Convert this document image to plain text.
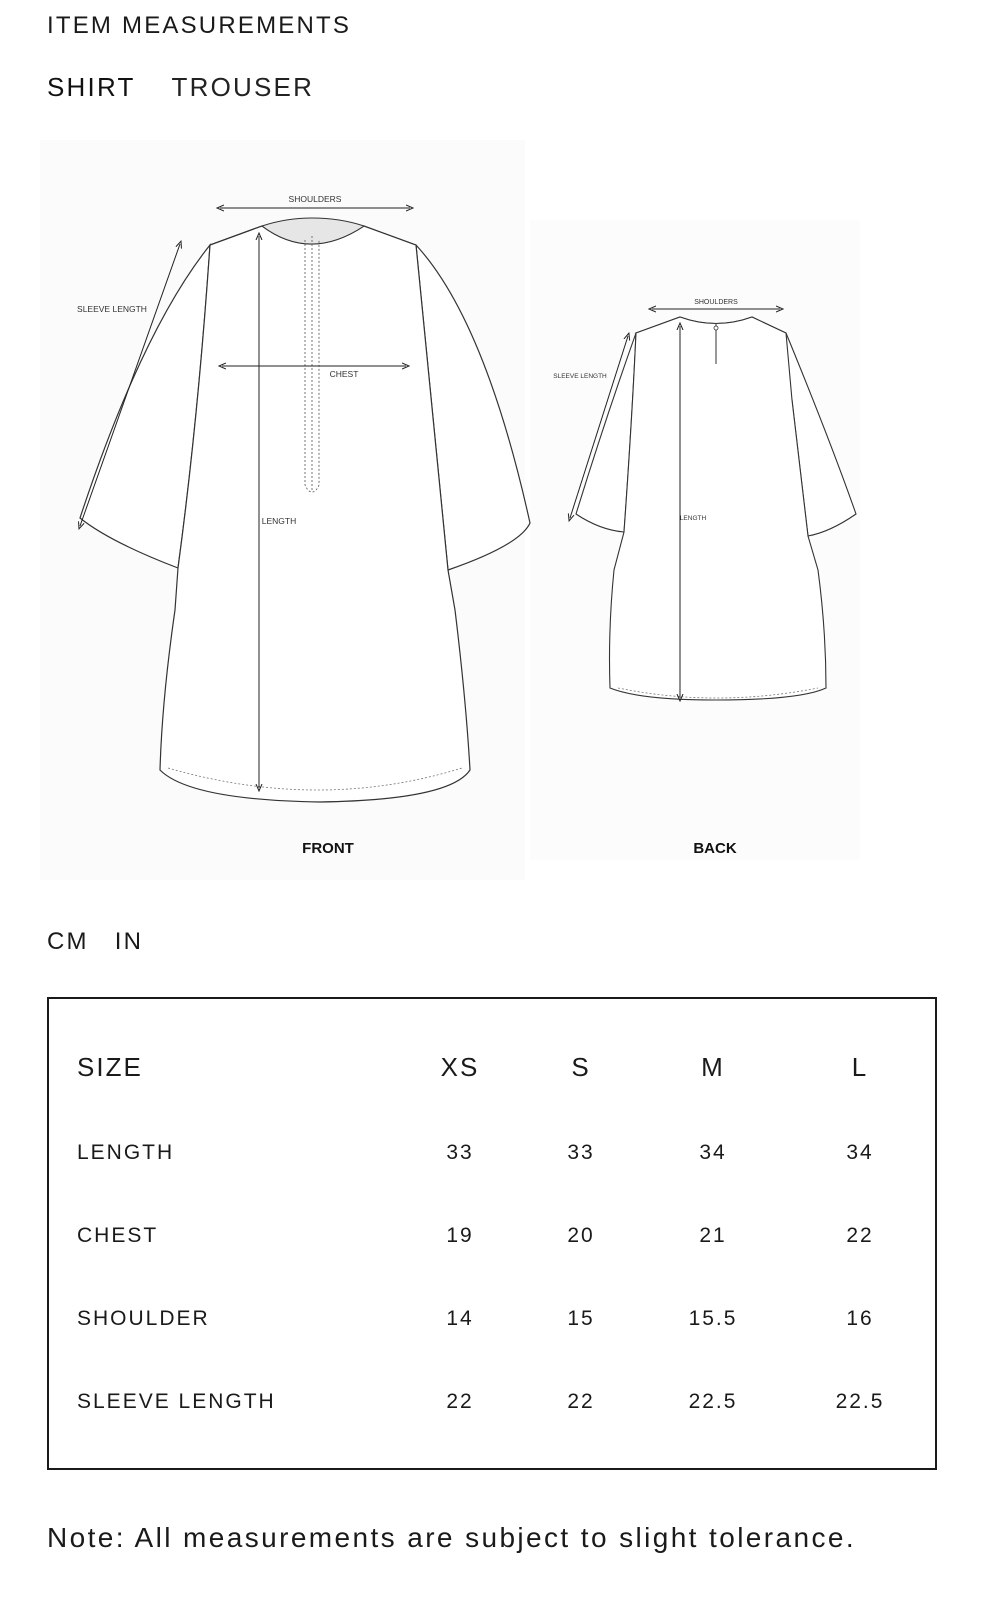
ITEM MEASUREMENTS
SHIRT TROUSER
SHOULDERS
SLEEVE LENGTH
CHEST
LENGTH
FRONT
SHOULDERS
SLEEVE LENGTH
LENGTH
BACK
CM IN
SIZE	XS	S	M	L
LENGTH	33	33	34	34
CHEST	19	20	21	22
SHOULDER	14	15	15.5	16
SLEEVE LENGTH	22	22	22.5	22.5
Note: All measurements are subject to slight tolerance.
